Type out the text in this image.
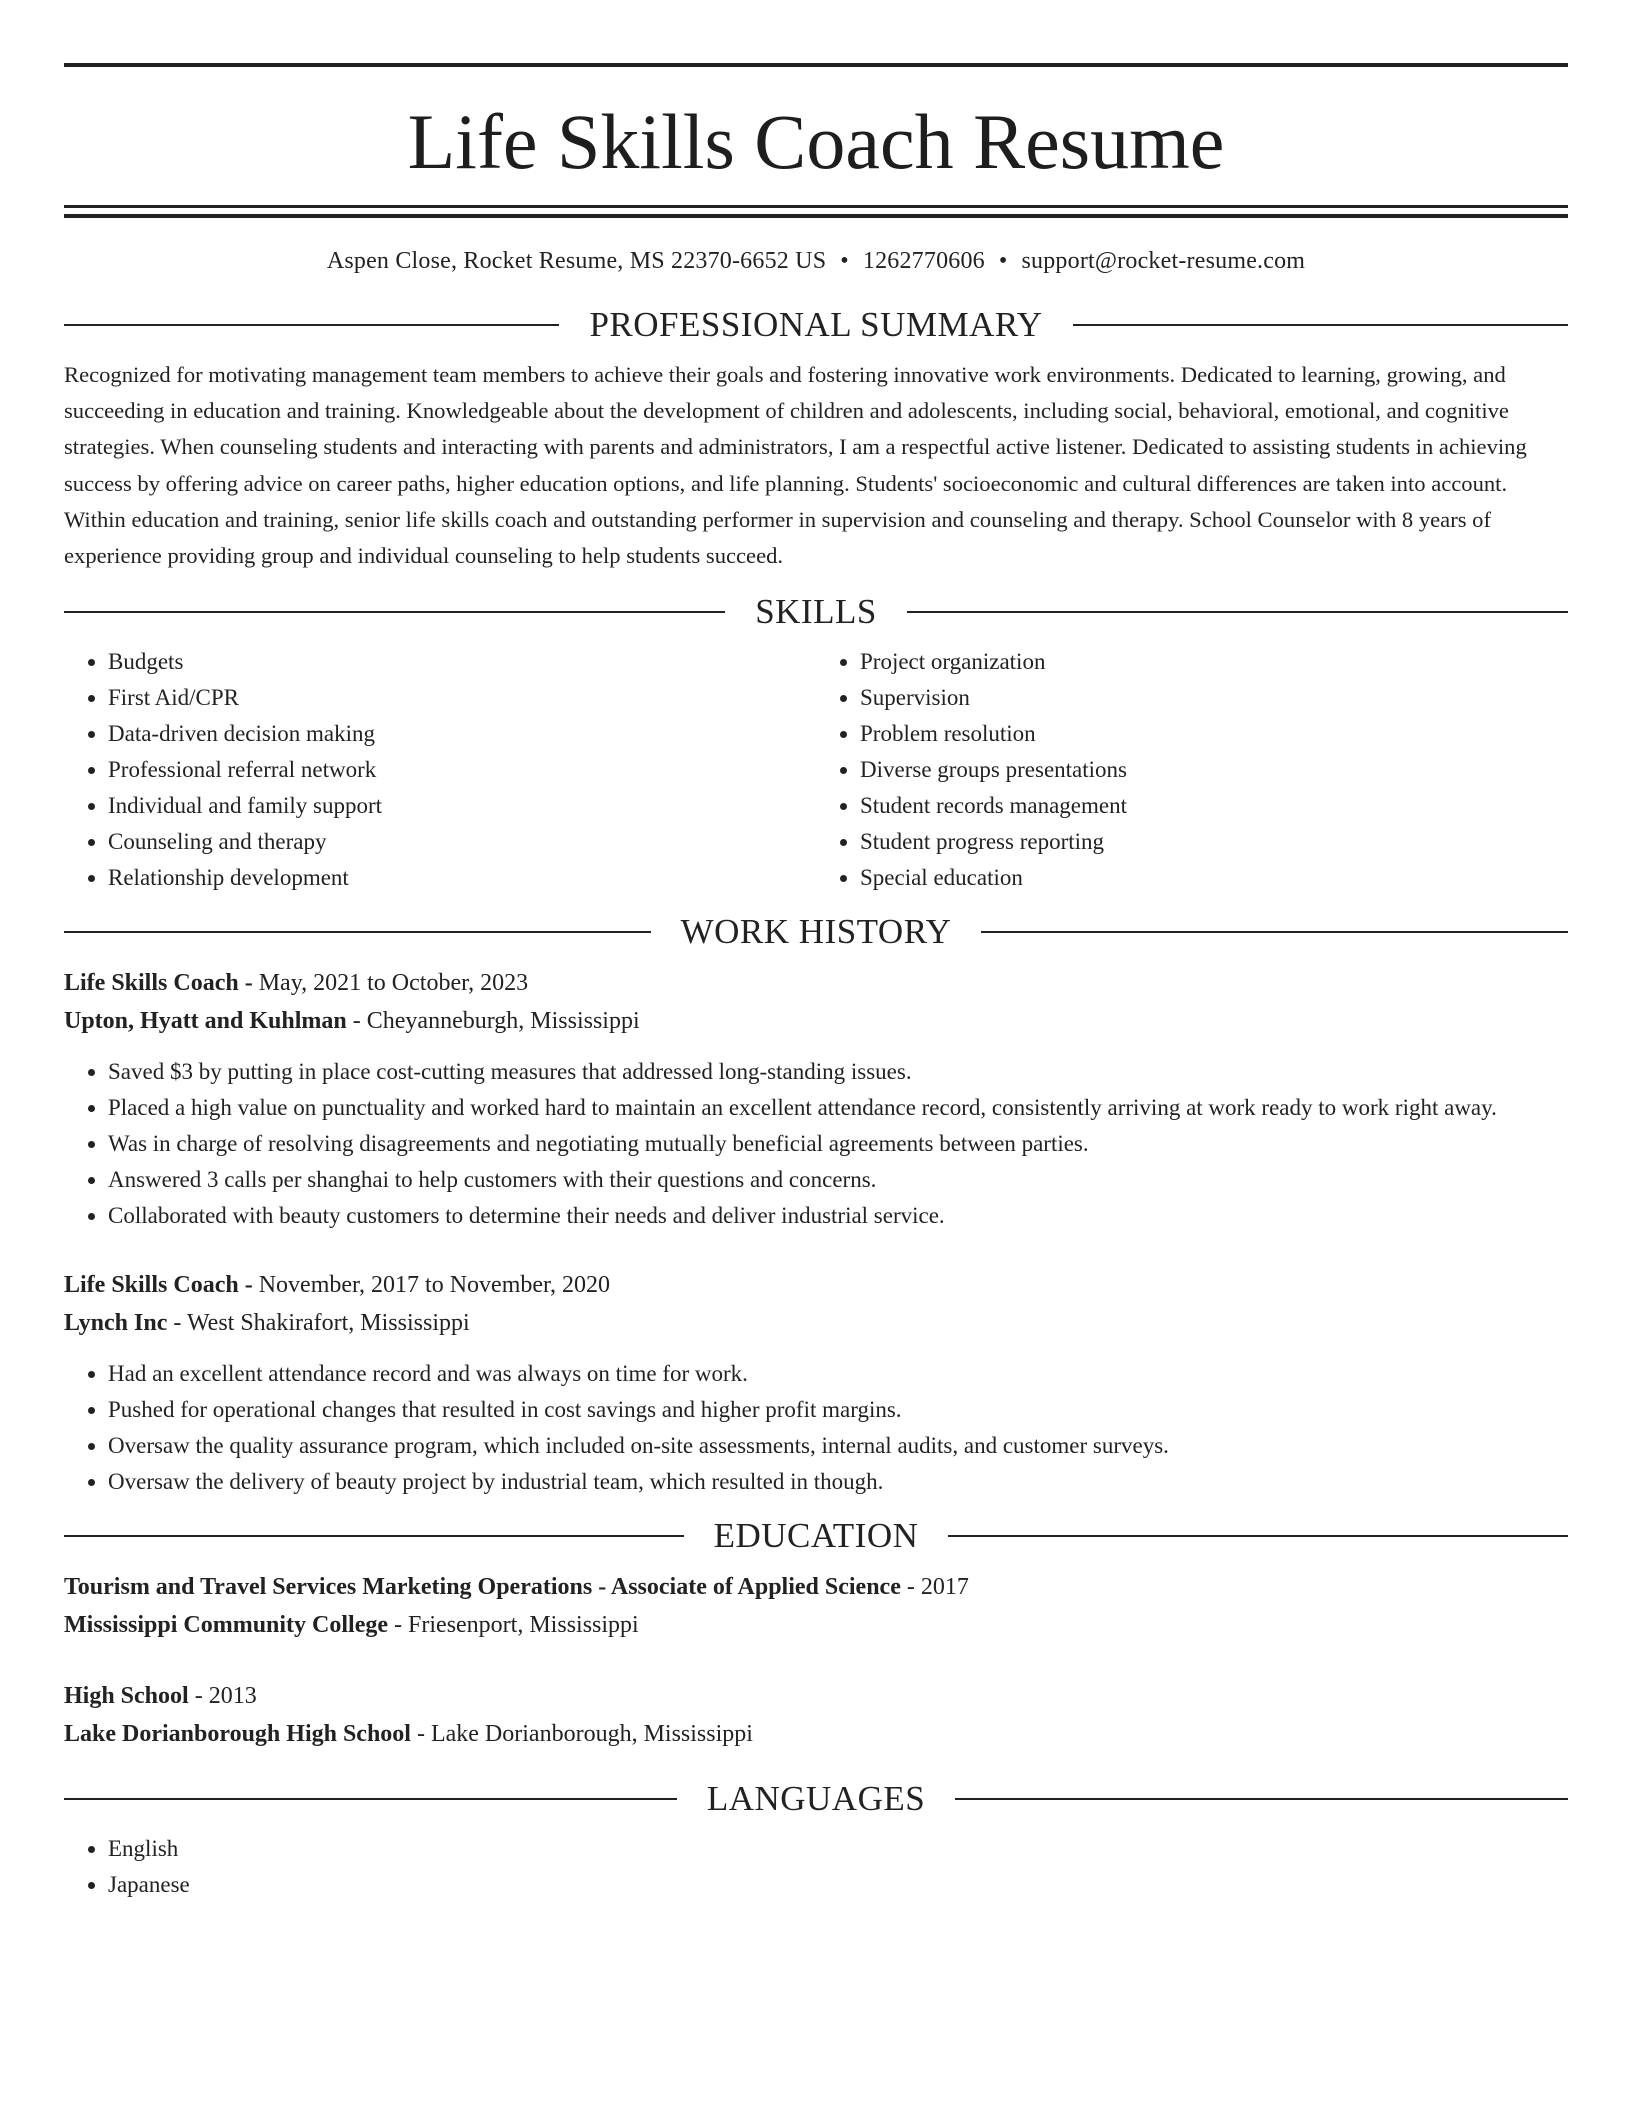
Life Skills Coach Resume
Aspen Close, Rocket Resume, MS 22370-6652 US • 1262770606 • support@rocket-resume.com
PROFESSIONAL SUMMARY

Recognized for motivating management team members to achieve their goals and fostering innovative work environments. Dedicated to learning, growing, and succeeding in education and training. Knowledgeable about the development of children and adolescents, including social, behavioral, emotional, and cognitive strategies. When counseling students and interacting with parents and administrators, I am a respectful active listener. Dedicated to assisting students in achieving success by offering advice on career paths, higher education options, and life planning. Students' socioeconomic and cultural differences are taken into account. Within education and training, senior life skills coach and outstanding performer in supervision and counseling and therapy. School Counselor with 8 years of experience providing group and individual counseling to help students succeed.

SKILLS
• Budgets
• First Aid/CPR
• Data-driven decision making
• Professional referral network
• Individual and family support
• Counseling and therapy
• Relationship development
• Project organization
• Supervision
• Problem resolution
• Diverse groups presentations
• Student records management
• Student progress reporting
• Special education
WORK HISTORY
Life Skills Coach - May, 2021 to October, 2023
Upton, Hyatt and Kuhlman - Cheyanneburgh, Mississippi
• Saved $3 by putting in place cost-cutting measures that addressed long-standing issues.
• Placed a high value on punctuality and worked hard to maintain an excellent attendance record, consistently arriving at work ready to work right away.
• Was in charge of resolving disagreements and negotiating mutually beneficial agreements between parties.
• Answered 3 calls per shanghai to help customers with their questions and concerns.
• Collaborated with beauty customers to determine their needs and deliver industrial service.
Life Skills Coach - November, 2017 to November, 2020
Lynch Inc - West Shakirafort, Mississippi
• Had an excellent attendance record and was always on time for work.
• Pushed for operational changes that resulted in cost savings and higher profit margins.
• Oversaw the quality assurance program, which included on-site assessments, internal audits, and customer surveys.
• Oversaw the delivery of beauty project by industrial team, which resulted in though.
EDUCATION
Tourism and Travel Services Marketing Operations - Associate of Applied Science - 2017
Mississippi Community College - Friesenport, Mississippi
High School - 2013
Lake Dorianborough High School - Lake Dorianborough, Mississippi
LANGUAGES
• English
• Japanese
